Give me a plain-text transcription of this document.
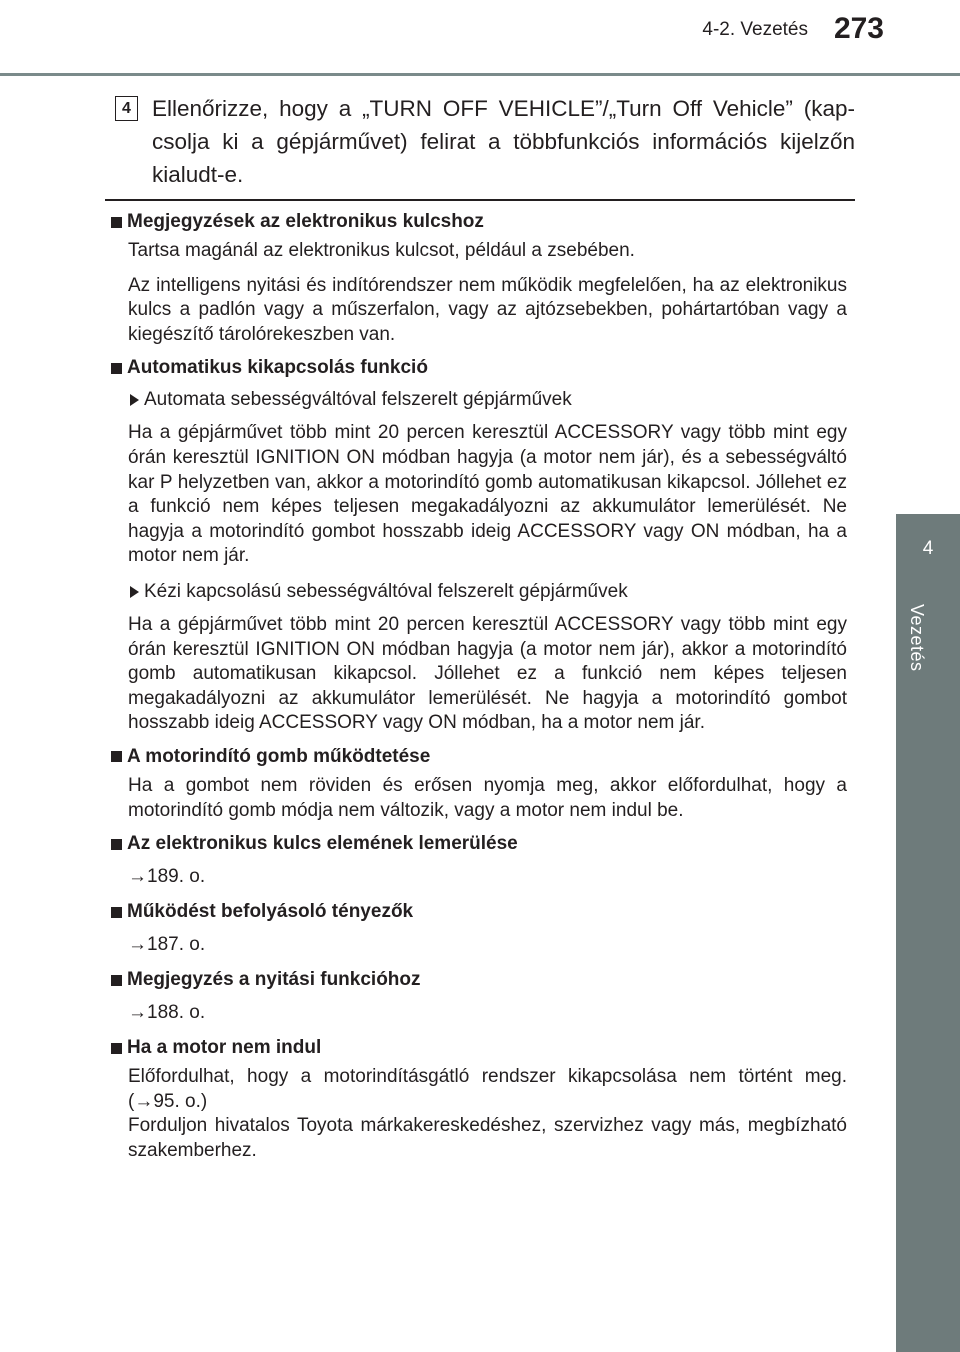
4-2. Vezetés 273
4
Vezetés
4 Ellenőrizze, hogy a „TURN OFF VEHICLE”/„Turn Off Vehicle” (kapcsolja ki a gépjárművet) felirat a többfunkciós információs kijelzőn kialudt-e.
Megjegyzések az elektronikus kulcshoz

Tartsa magánál az elektronikus kulcsot, például a zsebében.

Az intelligens nyitási és indítórendszer nem működik megfelelően, ha az elektronikus kulcs a padlón vagy a műszerfalon, vagy az ajtózsebekben, pohártartóban vagy a kiegészítő tárolórekeszben van.

Automatikus kikapcsolás funkció
Automata sebességváltóval felszerelt gépjárművek

Ha a gépjárművet több mint 20 percen keresztül ACCESSORY vagy több mint egy órán keresztül IGNITION ON módban hagyja (a motor nem jár), és a sebességváltó kar P helyzetben van, akkor a motorindító gomb automatikusan kikapcsol. Jóllehet ez a funkció nem képes teljesen megakadályozni az akkumulátor lemerülését. Ne hagyja a motorindító gombot hosszabb ideig ACCESSORY vagy ON módban, ha a motor nem jár.

Kézi kapcsolású sebességváltóval felszerelt gépjárművek

Ha a gépjárművet több mint 20 percen keresztül ACCESSORY vagy több mint egy órán keresztül IGNITION ON módban hagyja (a motor nem jár), akkor a motorindító gomb automatikusan kikapcsol. Jóllehet ez a funkció nem képes teljesen megakadályozni az akkumulátor lemerülését. Ne hagyja a motorindító gombot hosszabb ideig ACCESSORY vagy ON módban, ha a motor nem jár.

A motorindító gomb működtetése

Ha a gombot nem röviden és erősen nyomja meg, akkor előfordulhat, hogy a motorindító gomb módja nem változik, vagy a motor nem indul be.

Az elektronikus kulcs elemének lemerülése
→189. o.
Működést befolyásoló tényezők
→187. o.
Megjegyzés a nyitási funkcióhoz
→188. o.
Ha a motor nem indul

Előfordulhat, hogy a motorindításgátló rendszer kikapcsolása nem történt meg. (→95. o.)

Forduljon hivatalos Toyota márkakereskedéshez, szervizhez vagy más, megbízható szakemberhez.
